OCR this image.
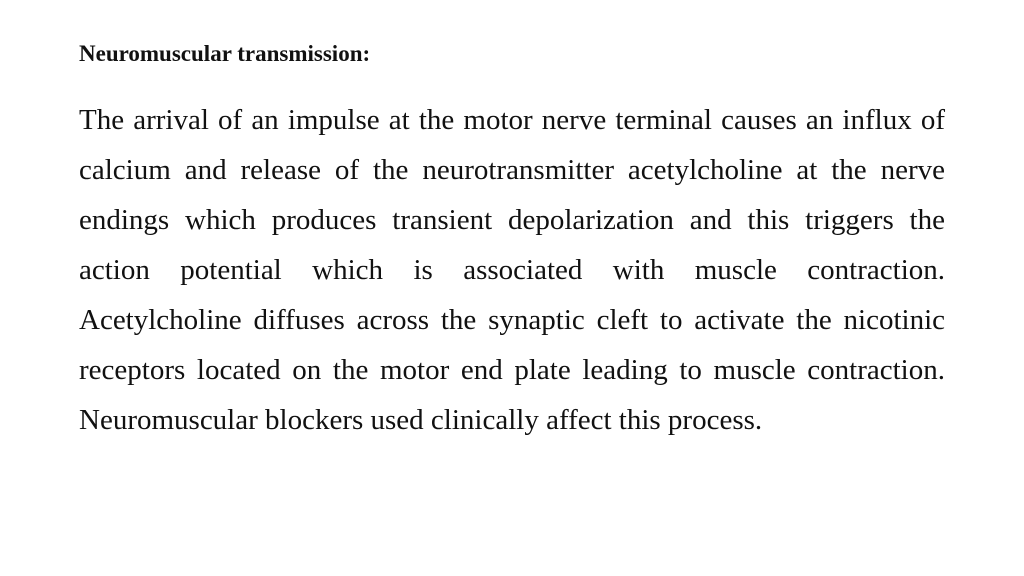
Neuromuscular transmission:

The arrival of an impulse at the motor nerve terminal causes an influx of calcium and release of the neurotransmitter acetylcholine at the nerve endings which produces transient depolarization and this triggers the action potential which is associated with muscle contraction. Acetylcholine diffuses across the synaptic cleft to activate the nicotinic receptors located on the motor end plate leading to muscle contraction. Neuromuscular blockers used clinically affect this process.
